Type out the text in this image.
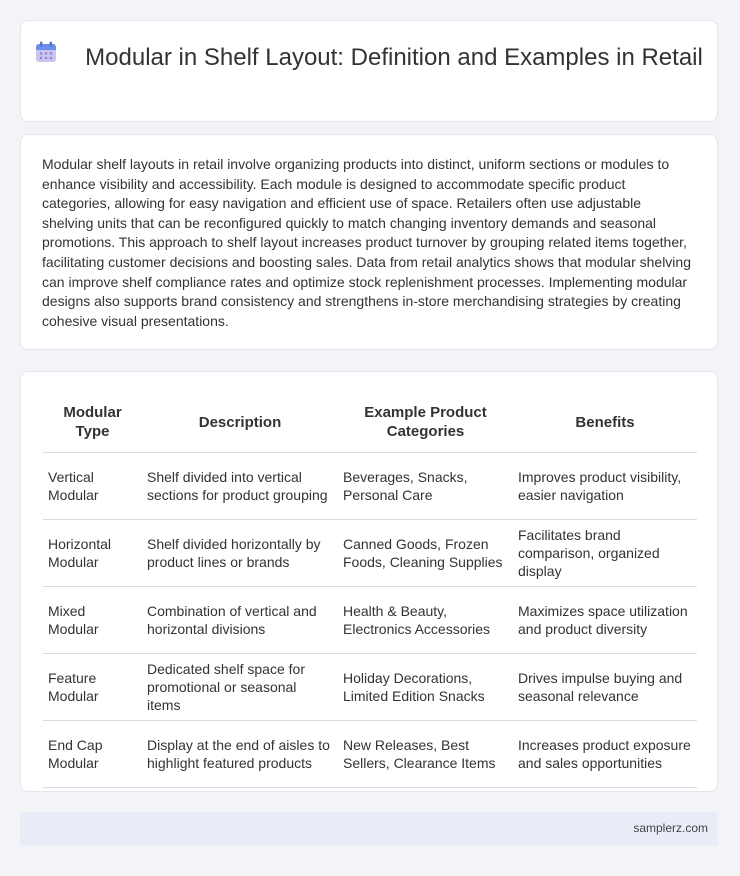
Modular in Shelf Layout: Definition and Examples in Retail

Modular shelf layouts in retail involve organizing products into distinct, uniform sections or modules to enhance visibility and accessibility. Each module is designed to accommodate specific product categories, allowing for easy navigation and efficient use of space. Retailers often use adjustable shelving units that can be reconfigured quickly to match changing inventory demands and seasonal promotions. This approach to shelf layout increases product turnover by grouping related items together, facilitating customer decisions and boosting sales. Data from retail analytics shows that modular shelving can improve shelf compliance rates and optimize stock replenishment processes. Implementing modular designs also supports brand consistency and strengthens in-store merchandising strategies by creating cohesive visual presentations.

Modular Type	Description	Example Product Categories	Benefits
Vertical Modular	Shelf divided into vertical sections for product grouping	Beverages, Snacks, Personal Care	Improves product visibility, easier navigation
Horizontal Modular	Shelf divided horizontally by product lines or brands	Canned Goods, Frozen Foods, Cleaning Supplies	Facilitates brand comparison, organized display
Mixed Modular	Combination of vertical and horizontal divisions	Health & Beauty, Electronics Accessories	Maximizes space utilization and product diversity
Feature Modular	Dedicated shelf space for promotional or seasonal items	Holiday Decorations, Limited Edition Snacks	Drives impulse buying and seasonal relevance
End Cap Modular	Display at the end of aisles to highlight featured products	New Releases, Best Sellers, Clearance Items	Increases product exposure and sales opportunities
samplerz.com
